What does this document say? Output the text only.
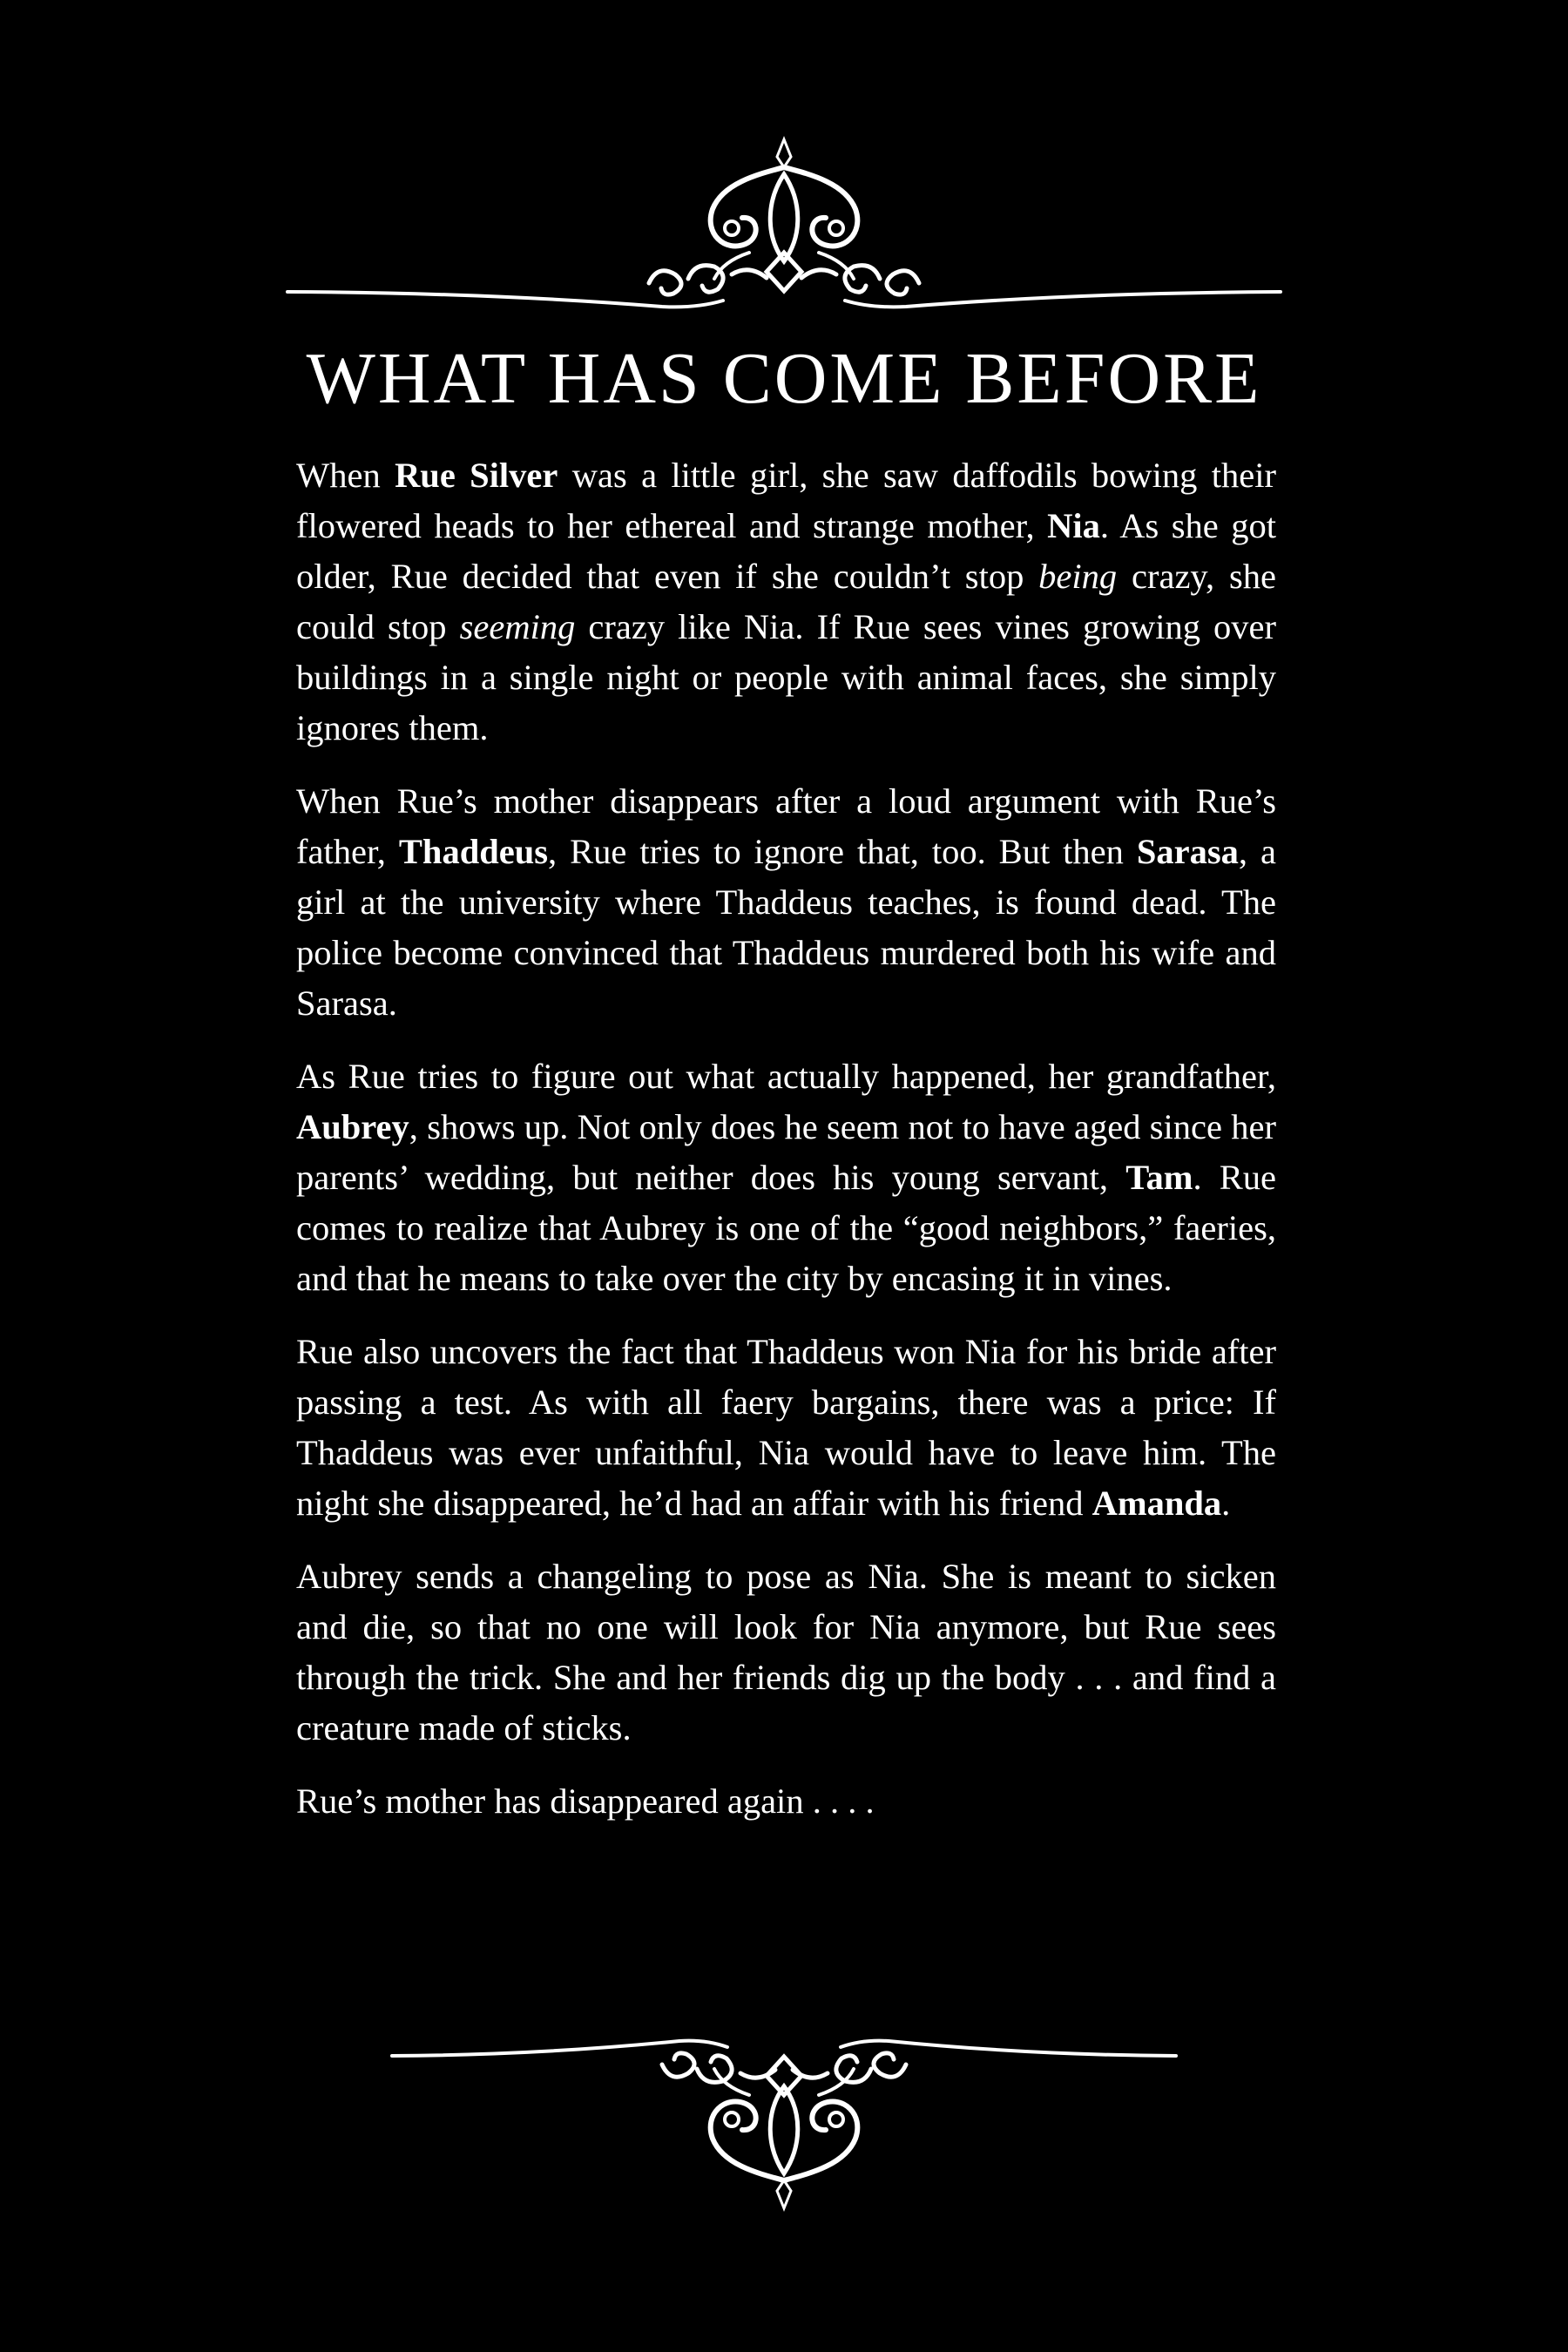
WHAT HAS COME BEFORE

When Rue Silver was a little girl, she saw daffodils bowing their flowered heads to her ethereal and strange mother, Nia. As she got older, Rue decided that even if she couldn’t stop being crazy, she could stop seeming crazy like Nia. If Rue sees vines growing over buildings in a single night or people with animal faces, she simply ignores them.

When Rue’s mother disappears after a loud argument with Rue’s father, Thaddeus, Rue tries to ignore that, too. But then Sarasa, a girl at the university where Thaddeus teaches, is found dead. The police become convinced that Thaddeus murdered both his wife and Sarasa.

As Rue tries to figure out what actually happened, her grandfather, Aubrey, shows up. Not only does he seem not to have aged since her parents’ wedding, but neither does his young servant, Tam. Rue comes to realize that Aubrey is one of the “good neighbors,” faeries, and that he means to take over the city by encasing it in vines.

Rue also uncovers the fact that Thaddeus won Nia for his bride after passing a test. As with all faery bargains, there was a price: If Thaddeus was ever unfaithful, Nia would have to leave him. The night she disappeared, he’d had an affair with his friend Amanda.

Aubrey sends a changeling to pose as Nia. She is meant to sicken and die, so that no one will look for Nia anymore, but Rue sees through the trick. She and her friends dig up the body . . . and find a creature made of sticks.

Rue’s mother has disappeared again . . . .
